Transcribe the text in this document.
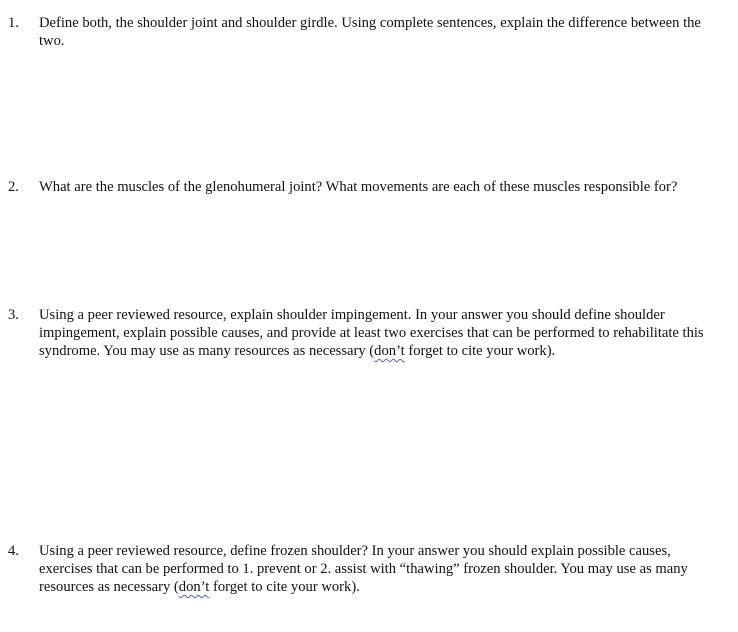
1.	Define both, the shoulder joint and shoulder girdle. Using complete sentences, explain the difference between the two.
2.	What are the muscles of the glenohumeral joint? What movements are each of these muscles responsible for?
3.	Using a peer reviewed resource, explain shoulder impingement. In your answer you should define shoulder impingement, explain possible causes, and provide at least two exercises that can be performed to rehabilitate this syndrome. You may use as many resources as necessary (don’t forget to cite your work).
4.	Using a peer reviewed resource, define frozen shoulder? In your answer you should explain possible causes, exercises that can be performed to 1. prevent or 2. assist with “thawing” frozen shoulder. You may use as many resources as necessary (don’t forget to cite your work).
